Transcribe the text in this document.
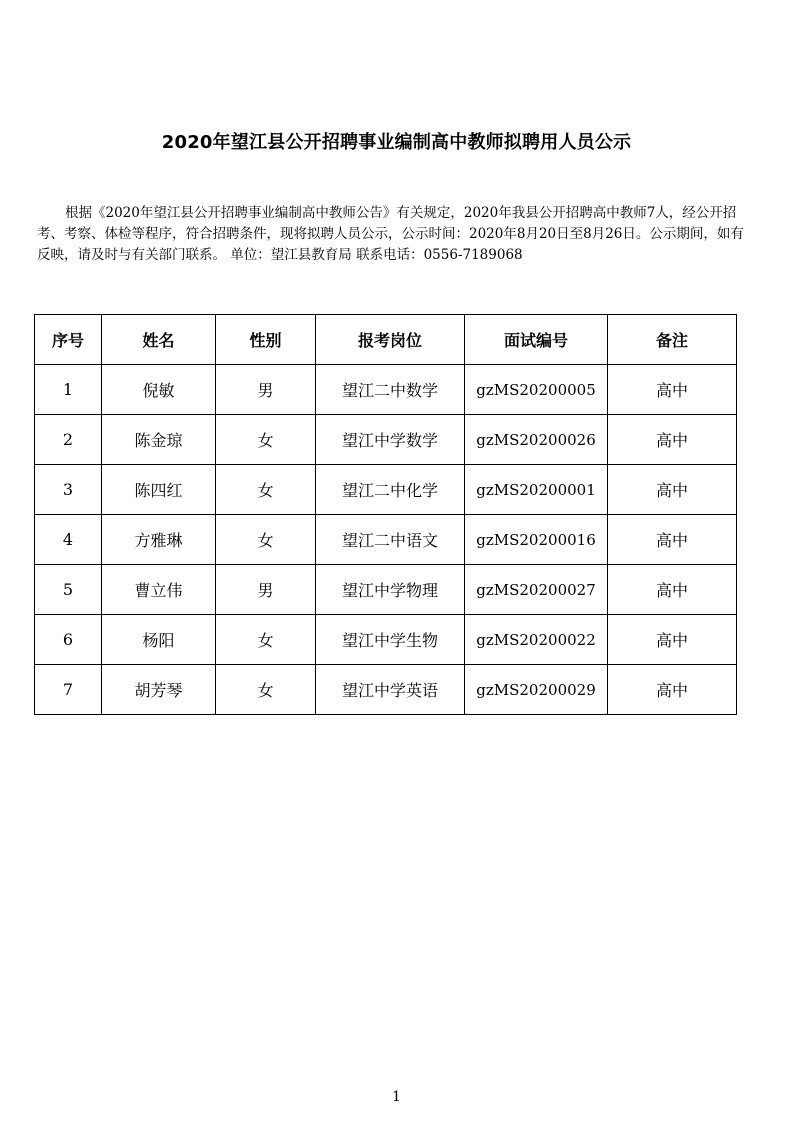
2020年望江县公开招聘事业编制高中教师拟聘用人员公示

根据《2020年望江县公开招聘事业编制高中教师公告》有关规定，2020年我县公开招聘高中教师7人，经公开招考、考察、体检等程序，符合招聘条件，现将拟聘人员公示，公示时间：2020年8月20日至8月26日。公示期间，如有反映，请及时与有关部门联系。 单位：望江县教育局 联系电话：0556-7189068

序号	姓名	性别	报考岗位	面试编号	备注
1	倪敏	男	望江二中数学	gzMS20200005	高中
2	陈金琼	女	望江中学数学	gzMS20200026	高中
3	陈四红	女	望江二中化学	gzMS20200001	高中
4	方雅琳	女	望江二中语文	gzMS20200016	高中
5	曹立伟	男	望江中学物理	gzMS20200027	高中
6	杨阳	女	望江中学生物	gzMS20200022	高中
7	胡芳琴	女	望江中学英语	gzMS20200029	高中
1
